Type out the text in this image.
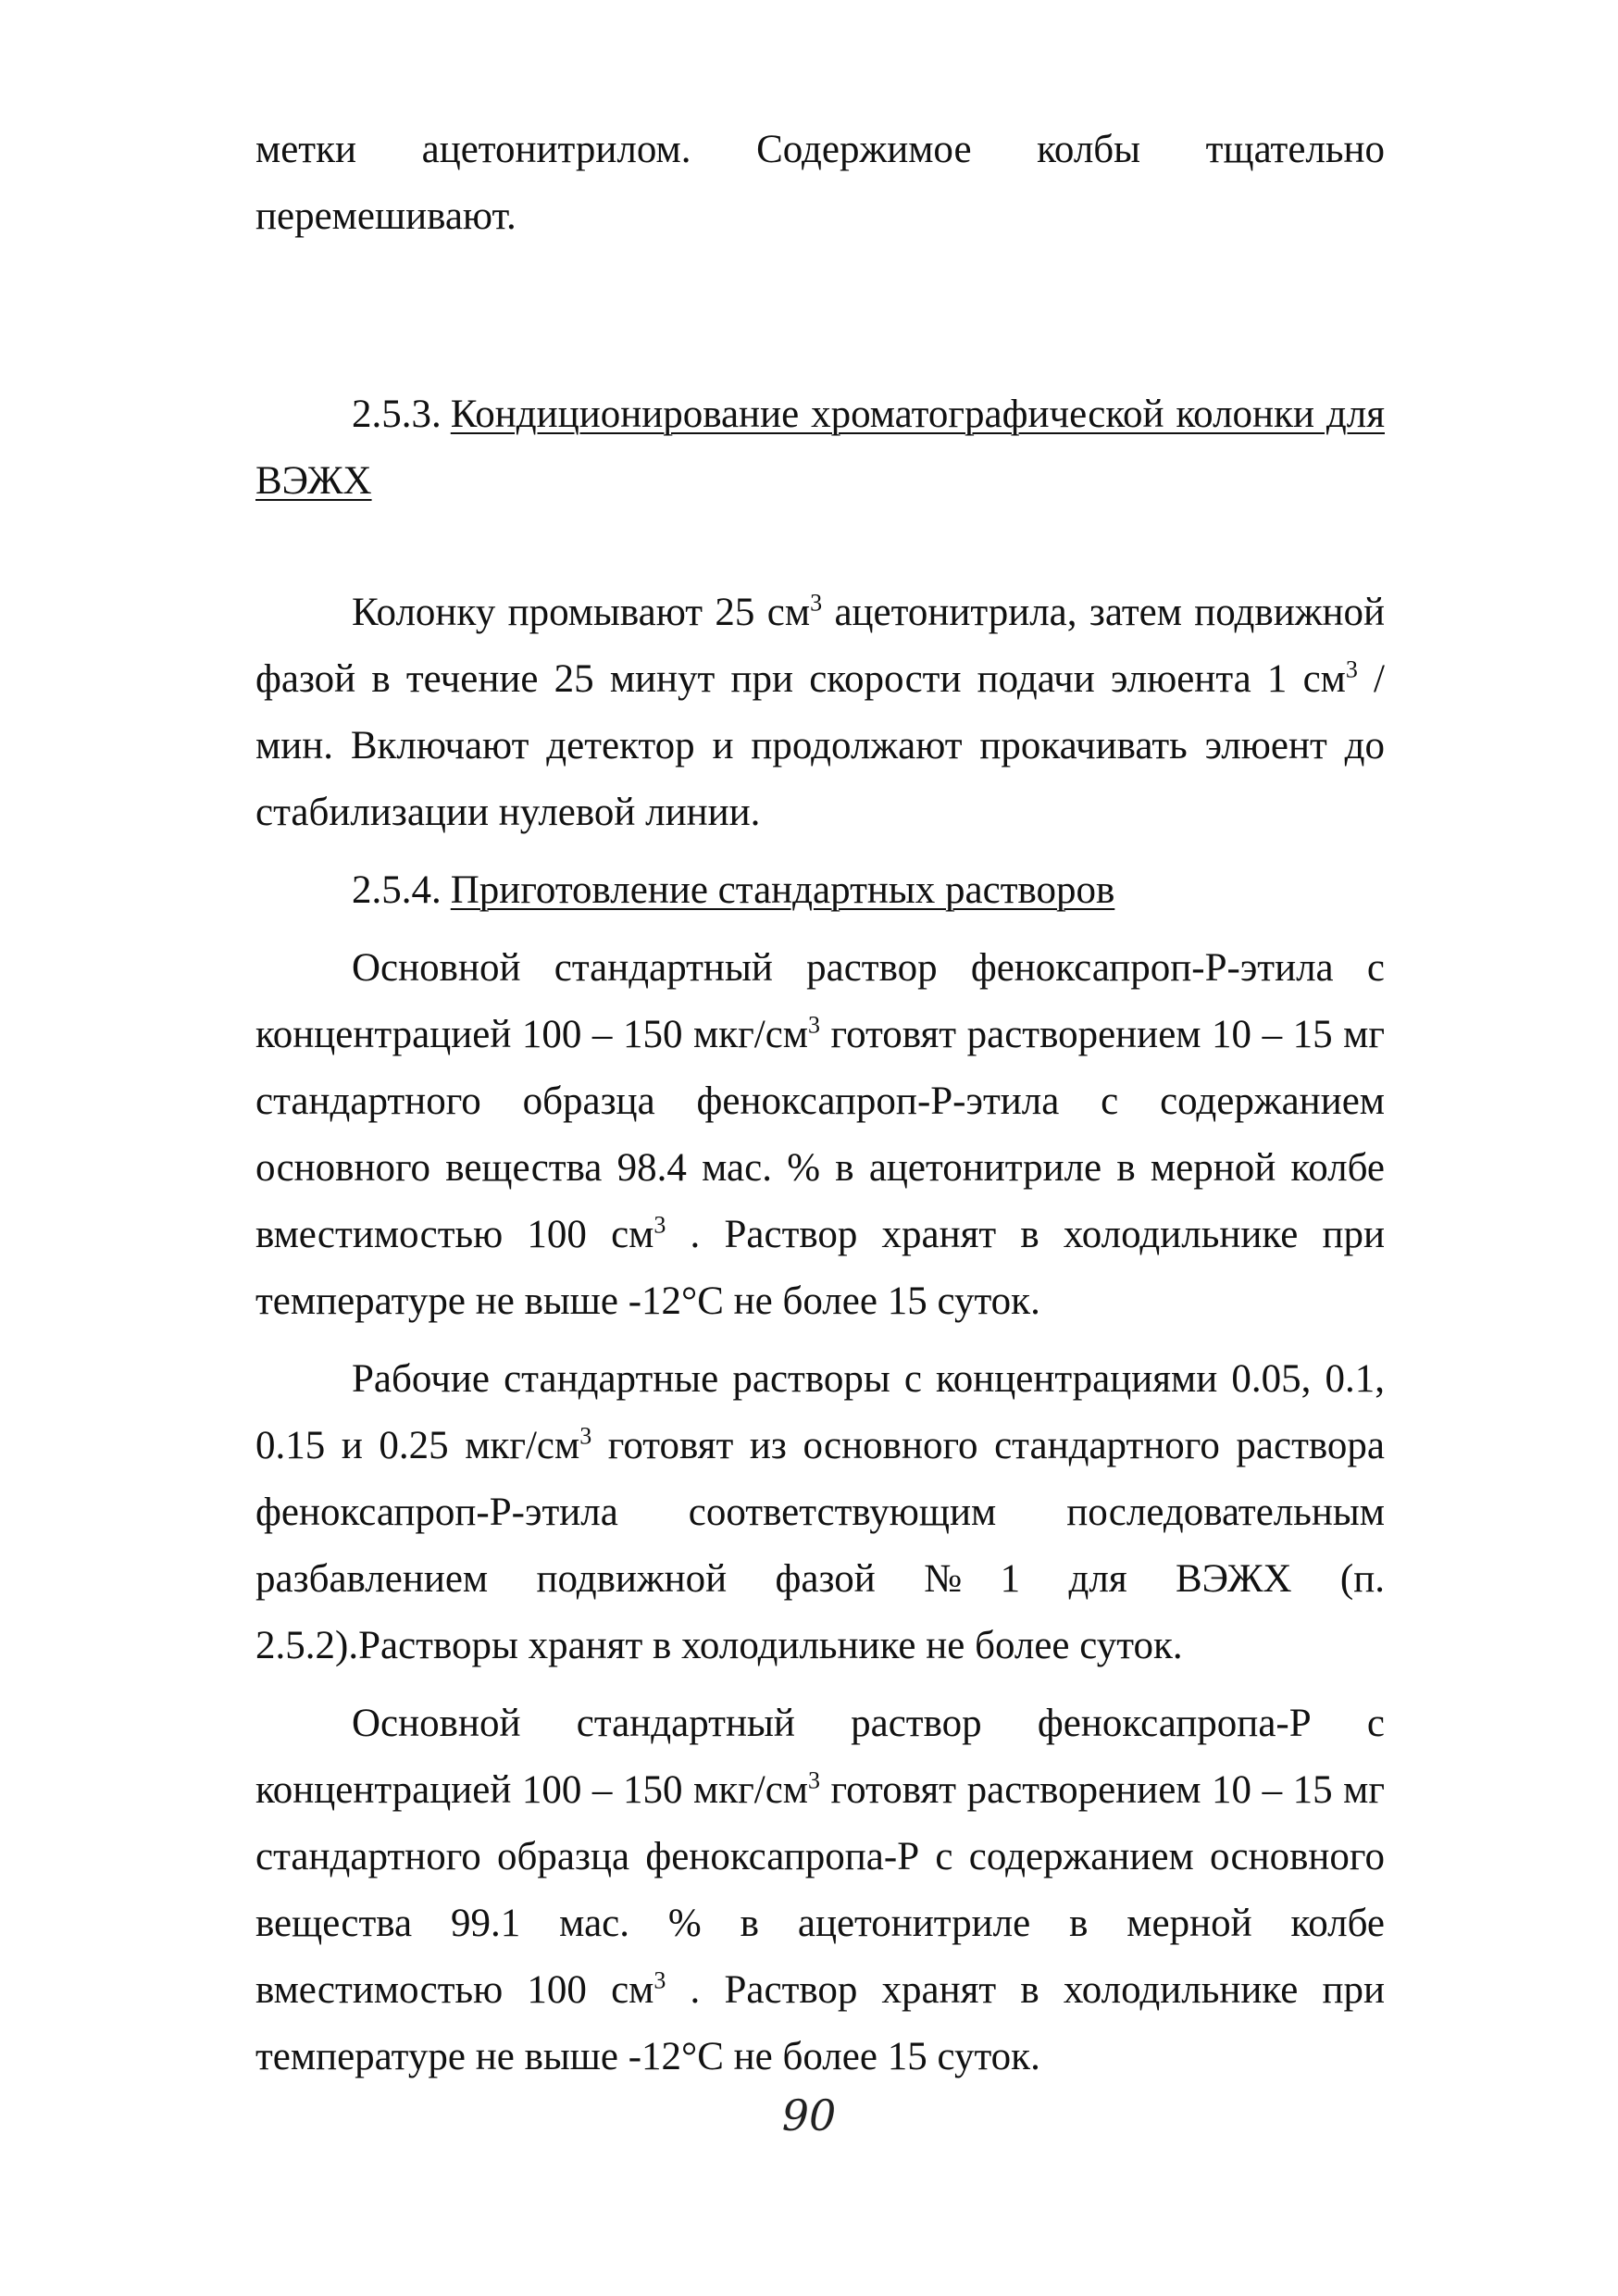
метки ацетонитрилом. Содержимое колбы тщательно перемешивают.

2.5.3. Кондиционирование хроматографической колонки для ВЭЖХ

Колонку промывают 25 $см^3$ ацетонитрила, затем подвижной фазой в течение 25 минут при скорости подачи элюента 1 $см^3$ / мин. Включают детектор и продолжают прокачивать элюент до стабилизации нулевой линии.

2.5.4. Приготовление стандартных растворов

Основной стандартный раствор феноксапроп-Р-этила с концентрацией 100 – 150 мкг/$см^3$ готовят растворением 10 – 15 мг стандартного образца феноксапроп-Р-этила с содержанием основного вещества 98.4 мас. % в ацетонитриле в мерной колбе вместимостью 100 $см^3$ . Раствор хранят в холодильнике при температуре не выше -12°С не более 15 суток.

Рабочие стандартные растворы с концентрациями 0.05, 0.1, 0.15 и 0.25 мкг/$см^3$ готовят из основного стандартного раствора феноксапроп-Р-этила соответствующим последовательным разбавлением подвижной фазой №1 для ВЭЖХ (п. 2.5.2).Растворы хранят в холодильнике не более суток.

Основной стандартный раствор феноксапропа-Р с концентрацией 100 – 150 мкг/$см^3$ готовят растворением 10 – 15 мг стандартного образца феноксапропа-Р с содержанием основного вещества 99.1 мас. % в ацетонитриле в мерной колбе вместимостью 100 $см^3$ . Раствор хранят в холодильнике при температуре не выше -12°С не более 15 суток.

90
